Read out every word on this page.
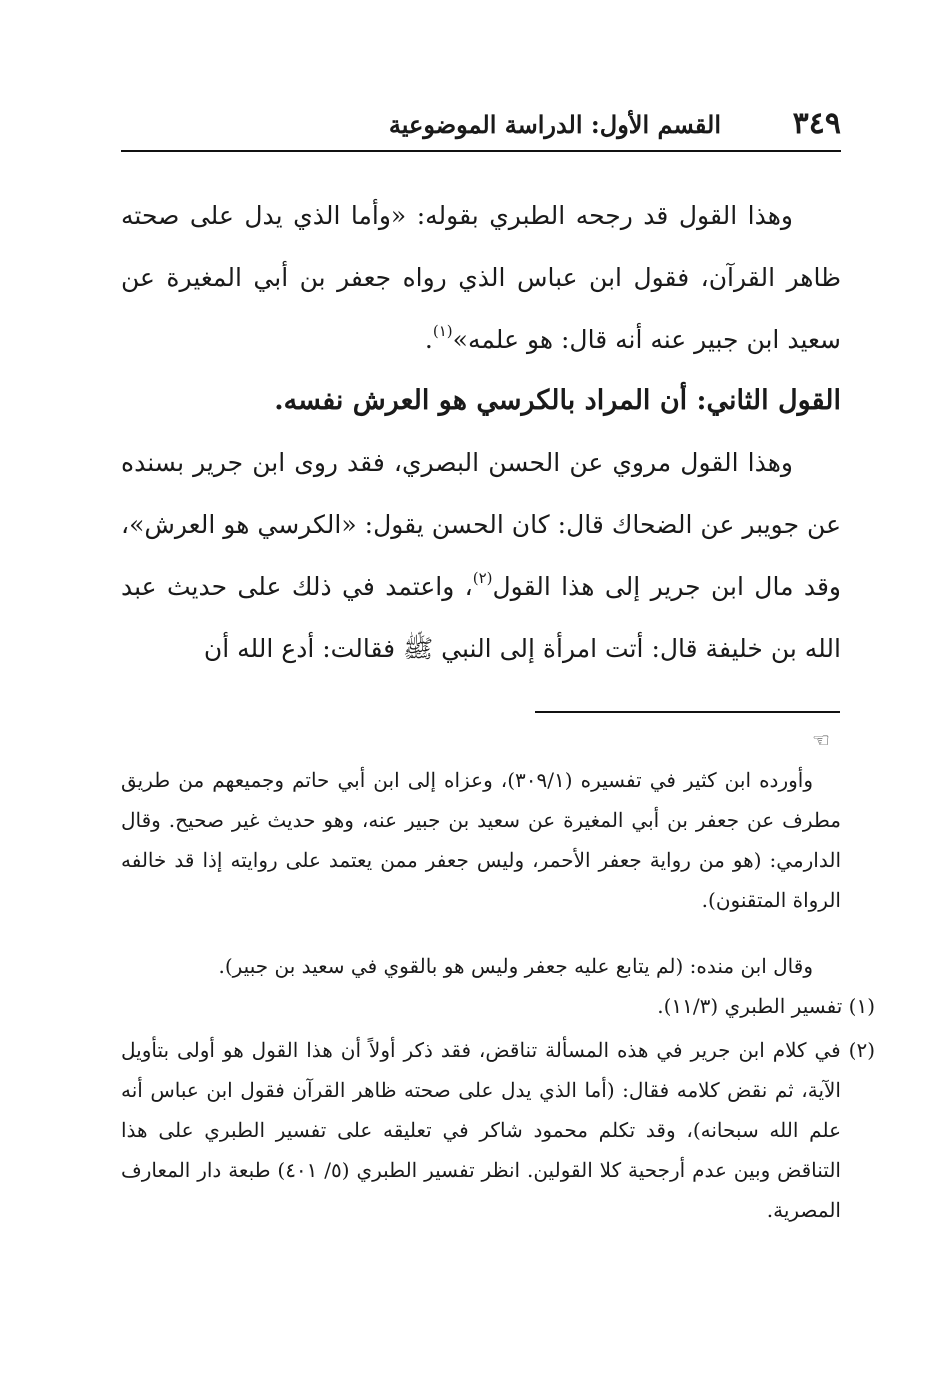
٣٤٩
القسم الأول: الدراسة الموضوعية
وهذا القول قد رجحه الطبري بقوله: «وأما الذي يدل على صحته ظاهر القرآن، فقول ابن عباس الذي رواه جعفر بن أبي المغيرة عن سعيد ابن جبير عنه أنه قال: هو علمه»$^{(١)}$.
القول الثاني: أن المراد بالكرسي هو العرش نفسه.
وهذا القول مروي عن الحسن البصري، فقد روى ابن جرير بسنده عن جويبر عن الضحاك قال: كان الحسن يقول: «الكرسي هو العرش»، وقد مال ابن جرير إلى هذا القول$^{(٢)}$، واعتمد في ذلك على حديث عبد الله بن خليفة قال: أتت امرأة إلى النبي ﷺ فقالت: أدع الله أن
☜
وأورده ابن كثير في تفسيره (٣٠٩/١)، وعزاه إلى ابن أبي حاتم وجميعهم من طريق مطرف عن جعفر بن أبي المغيرة عن سعيد بن جبير عنه، وهو حديث غير صحيح. وقال الدارمي: (هو من رواية جعفر الأحمر، وليس جعفر ممن يعتمد على روايته إذا قد خالفه الرواة المتقنون).
وقال ابن منده: (لم يتابع عليه جعفر وليس هو بالقوي في سعيد بن جبير).
(١) تفسير الطبري (١١/٣).
(٢) في كلام ابن جرير في هذه المسألة تناقض، فقد ذكر أولاً أن هذا القول هو أولى بتأويل الآية، ثم نقض كلامه فقال: (أما الذي يدل على صحته ظاهر القرآن فقول ابن عباس أنه علم الله سبحانه)، وقد تكلم محمود شاكر في تعليقه على تفسير الطبري على هذا التناقض وبين عدم أرجحية كلا القولين. انظر تفسير الطبري (٥/ ٤٠١) طبعة دار المعارف المصرية.
